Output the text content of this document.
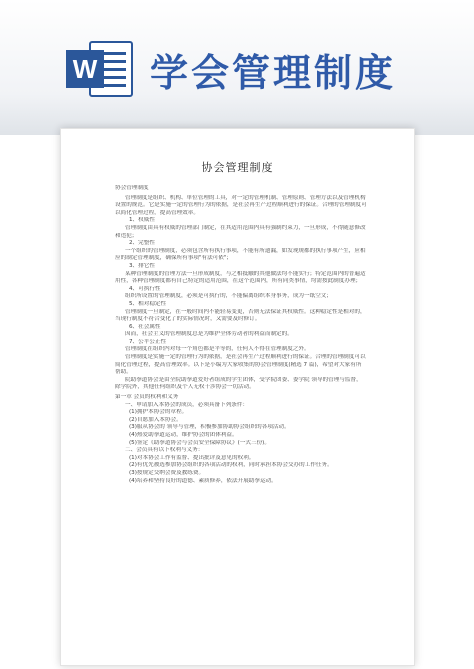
W 学会管理制度
协会管理制度
协会管理制度
管理制度是组织、机构、单位管理的工具，对一定的管理机制、管理原则、管理方法以及管理机构
设置的规范。它是实施一定的管理行为的依据，是社会再生产过程顺利进行的保证。合理的管理制度可
以简化管理过程，提高管理效率。
1、权威性
管理制度由具有权威的管理部门制定，在其适用范围内具有强制约束力，一旦形成，不得随意修改
和违犯；
2、完整性
一个组织的管理制度，必须包含所有执行事项，不能有所遗漏，如发现规都的执行事项产生，应相
应的制定管理制度，确保所有事项"有法可依"；
3、排它性
某种管理制度的管理方法一旦形成制度，与之相抵触的其他做法均不能实行；特定范围内的普遍适
用性，各种管理制度都有自己特定的适用范围，在这个范围内，所有同类事情，均需按此制度办理；
4、可执行性
组织所设置的管理制度，必须是可执行的，不能偏离组织本身事务，成为一纸空文；
5、相对稳定性
管理制度一旦制定，在一般时间内不能轻易变更，否则无法保证其权威性。这种稳定性是相对的，
当现行制度不符合变化了的实际情况时，又需要及时修订。
6、社会属性
因而，社会主义的管理制度总是为维护全体劳动者的利益而制定的。
7、公平公正性
管理制度在组织内对每一个角色都是平等的，任何人不得在管理制度之外。
管理制度是实施一定的管理行为的依据，是社会再生产过程顺利进行的保证。合理的管理制度可以
简化管理过程，提高管理效率。以下是小编为大家收集的协会管理制度(精选 7 篇)，希望对大家有所
帮助。
院助拳道协会是由全院助拳道爱好者组成的学生团体，受学院团委、委学院 领导的管理与监督，
除学院外，其他任何组织及个人无权干涉协会一切活动。
第一章 会员的权利和义务
一、申请加入本协会的成员，必须具备下列条件：
(1)拥护本协会的章程。
(2)自愿加入本协会。
(3)服从协会的 领导与管理，积极参加协助协会组织的各项活动。
(4)热爱助拳道运动，维护协会的团体利益。
(5)签定《助拳道协会与会员安全保障协议》(一式三份)。
二、会员具有以下权利与义务：
(1)对本协会工作有监督、提出批评及意见的权利。
(2)有优先被选参加协会组织的各项活动的权利，同时承担本协会交办的工作任务。
(3)按规定交纳会费及教练费。
(4)培养和坚持良好的道德、素质修养，依法开展助拳运动。
